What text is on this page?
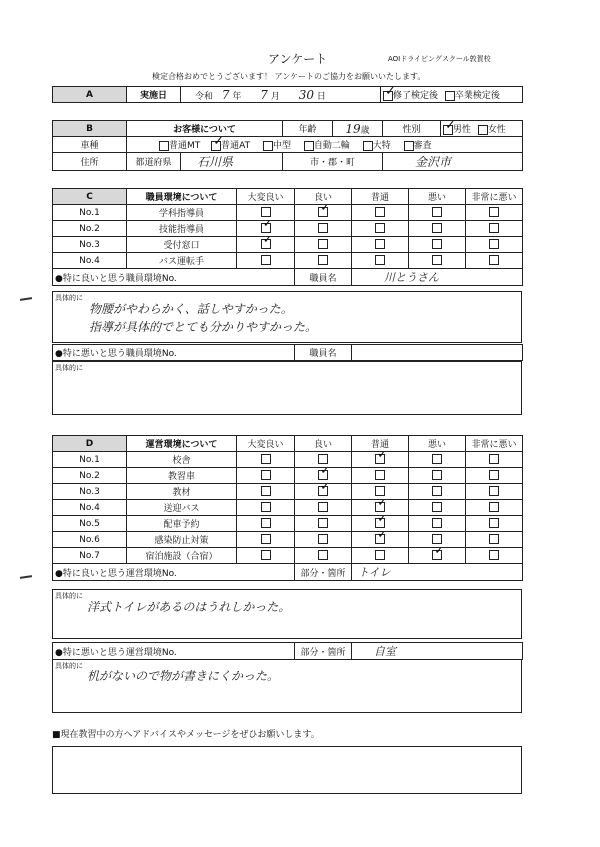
アンケート	AOIドライビングスクール敦賀校
検定合格おめでとうございます！ アンケートのご協力をお願いいたします。
A	実施日	令和 7 年 7 月 30 日	✓修了検定後 卒業検定後
B	お客様について		年齢	19歳	性別	✓男性 女性
車種	普通MT ✓ 普通AT 中型 自動二輪 大特 審査
住所	都道府県	石川県	市・郡・町		金沢市	
C	職員環境について	大変良い	良い	普通	悪い	非常に悪い
No.1	学科指導員		✓			
No.2	技能指導員	✓				
No.3	受付窓口	✓				
No.4	バス運転手					
●特に良いと思う職員環境No.			職員名	川とうさん		
具体的に
物腰がやわらかく、話しやすかった。
指導が具体的でとても分かりやすかった。
●特に悪いと思う職員環境No.	職員名	
具体的に
D	運営環境について	大変良い	良い	普通	悪い	非常に悪い
No.1	校舎			✓		
No.2	教習車		✓			
No.3	教材		✓			
No.4	送迎バス			✓		
No.5	配車予約			✓		
No.6	感染防止対策			✓		
No.7	宿泊施設（合宿）				✓	
●特に良いと思う運営環境No.			部分・箇所	トイレ		
具体的に
洋式トイレがあるのはうれしかった。
●特に悪いと思う運営環境No.	部分・箇所	自室
具体的に
机がないので物が書きにくかった。
■現在教習中の方へアドバイスやメッセージをぜひお願いします。
